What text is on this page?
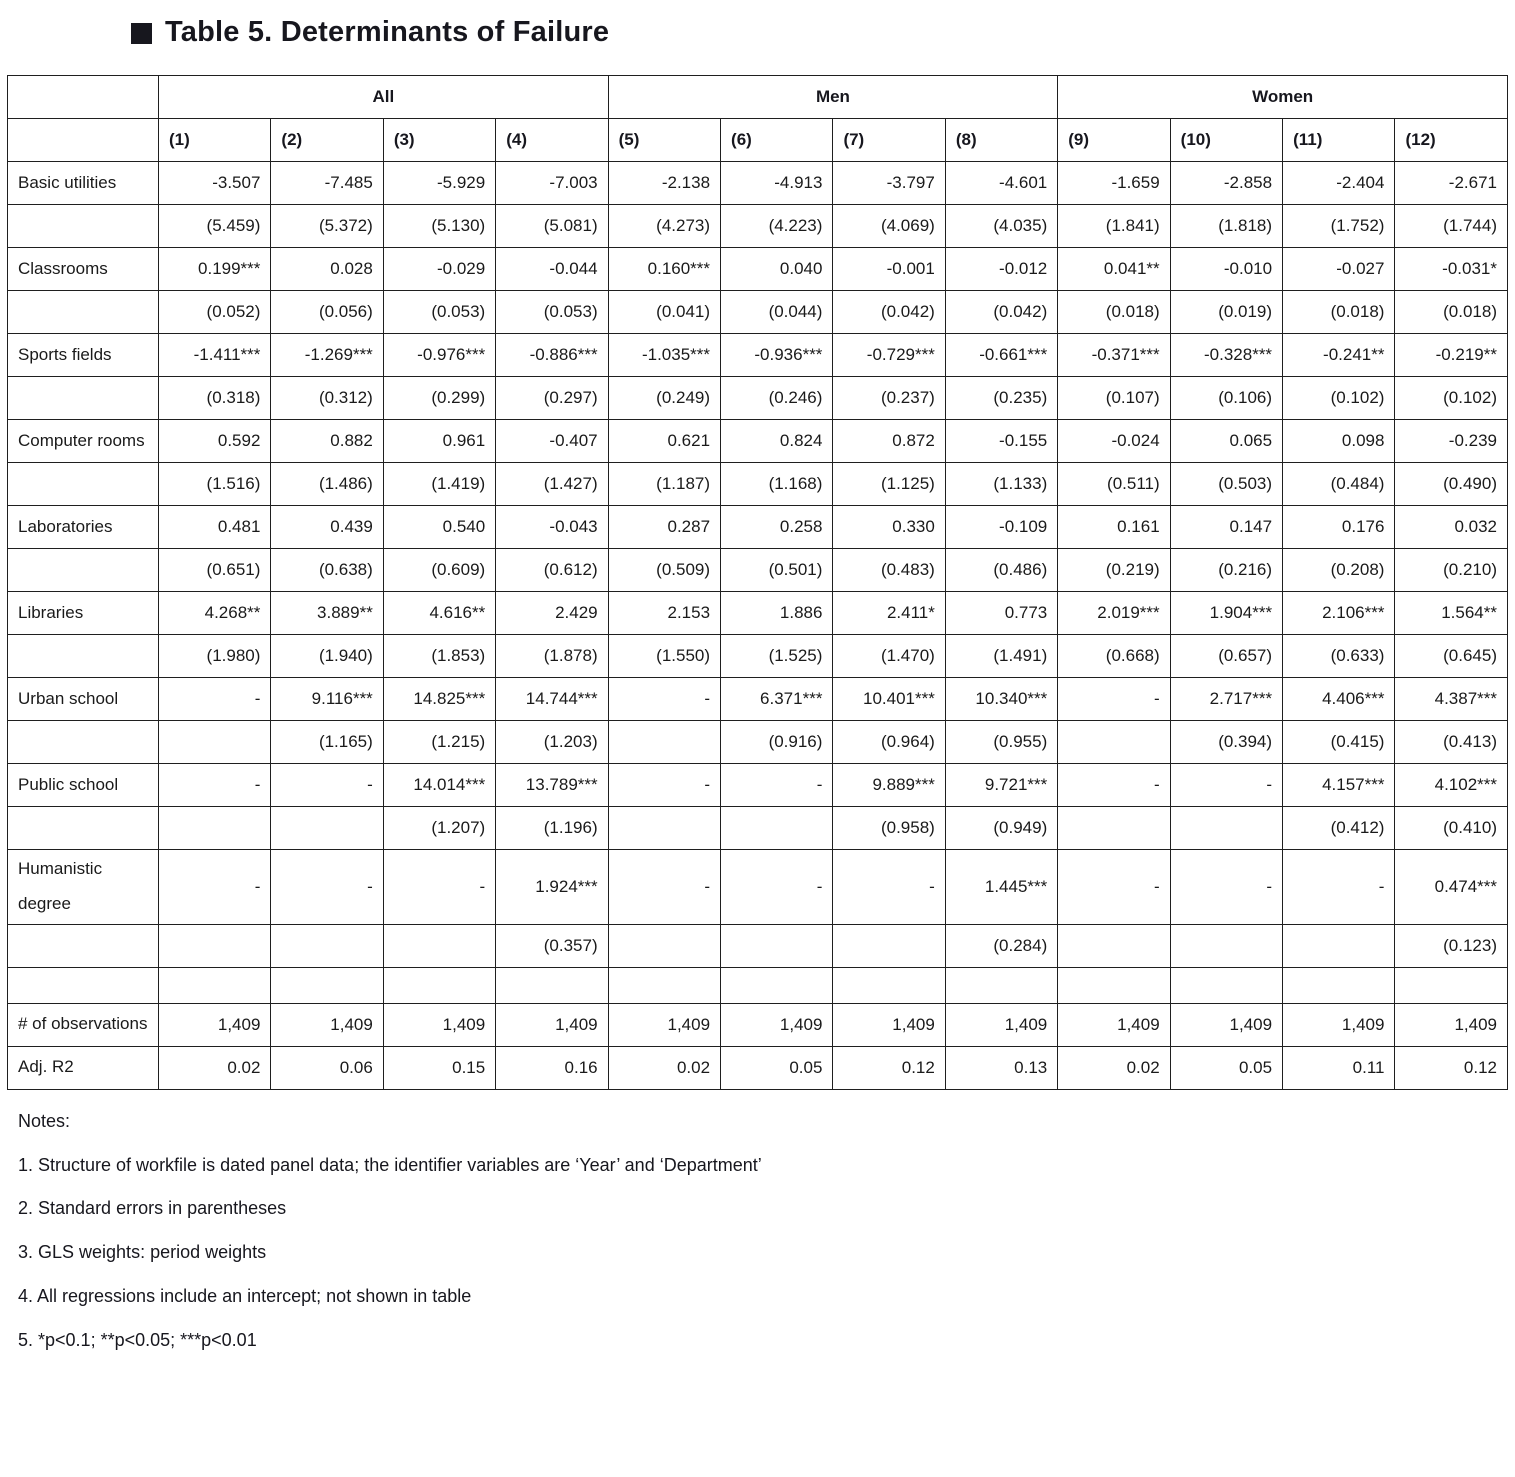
Table 5. Determinants of Failure
	All				Men				Women			
	(1)	(2)	(3)	(4)	(5)	(6)	(7)	(8)	(9)	(10)	(11)	(12)
Basic utilities	-3.507	-7.485	-5.929	-7.003	-2.138	-4.913	-3.797	-4.601	-1.659	-2.858	-2.404	-2.671
	(5.459)	(5.372)	(5.130)	(5.081)	(4.273)	(4.223)	(4.069)	(4.035)	(1.841)	(1.818)	(1.752)	(1.744)
Classrooms	0.199***	0.028	-0.029	-0.044	0.160***	0.040	-0.001	-0.012	0.041**	-0.010	-0.027	-0.031*
	(0.052)	(0.056)	(0.053)	(0.053)	(0.041)	(0.044)	(0.042)	(0.042)	(0.018)	(0.019)	(0.018)	(0.018)
Sports fields	-1.411***	-1.269***	-0.976***	-0.886***	-1.035***	-0.936***	-0.729***	-0.661***	-0.371***	-0.328***	-0.241**	-0.219**
	(0.318)	(0.312)	(0.299)	(0.297)	(0.249)	(0.246)	(0.237)	(0.235)	(0.107)	(0.106)	(0.102)	(0.102)
Computer rooms	0.592	0.882	0.961	-0.407	0.621	0.824	0.872	-0.155	-0.024	0.065	0.098	-0.239
	(1.516)	(1.486)	(1.419)	(1.427)	(1.187)	(1.168)	(1.125)	(1.133)	(0.511)	(0.503)	(0.484)	(0.490)
Laboratories	0.481	0.439	0.540	-0.043	0.287	0.258	0.330	-0.109	0.161	0.147	0.176	0.032
	(0.651)	(0.638)	(0.609)	(0.612)	(0.509)	(0.501)	(0.483)	(0.486)	(0.219)	(0.216)	(0.208)	(0.210)
Libraries	4.268**	3.889**	4.616**	2.429	2.153	1.886	2.411*	0.773	2.019***	1.904***	2.106***	1.564**
	(1.980)	(1.940)	(1.853)	(1.878)	(1.550)	(1.525)	(1.470)	(1.491)	(0.668)	(0.657)	(0.633)	(0.645)
Urban school	-	9.116***	14.825***	14.744***	-	6.371***	10.401***	10.340***	-	2.717***	4.406***	4.387***
		(1.165)	(1.215)	(1.203)		(0.916)	(0.964)	(0.955)		(0.394)	(0.415)	(0.413)
Public school	-	-	14.014***	13.789***	-	-	9.889***	9.721***	-	-	4.157***	4.102***
			(1.207)	(1.196)			(0.958)	(0.949)			(0.412)	(0.410)
Humanistic degree	-	-	-	1.924***	-	-	-	1.445***	-	-	-	0.474***
				(0.357)				(0.284)				(0.123)

# of observations	1,409	1,409	1,409	1,409	1,409	1,409	1,409	1,409	1,409	1,409	1,409	1,409
Adj. R2	0.02	0.06	0.15	0.16	0.02	0.05	0.12	0.13	0.02	0.05	0.11	0.12

Notes:

1. Structure of workfile is dated panel data; the identifier variables are ‘Year’ and ‘Department’

2. Standard errors in parentheses

3. GLS weights: period weights

4. All regressions include an intercept; not shown in table

5. *p<0.1; **p<0.05; ***p<0.01
